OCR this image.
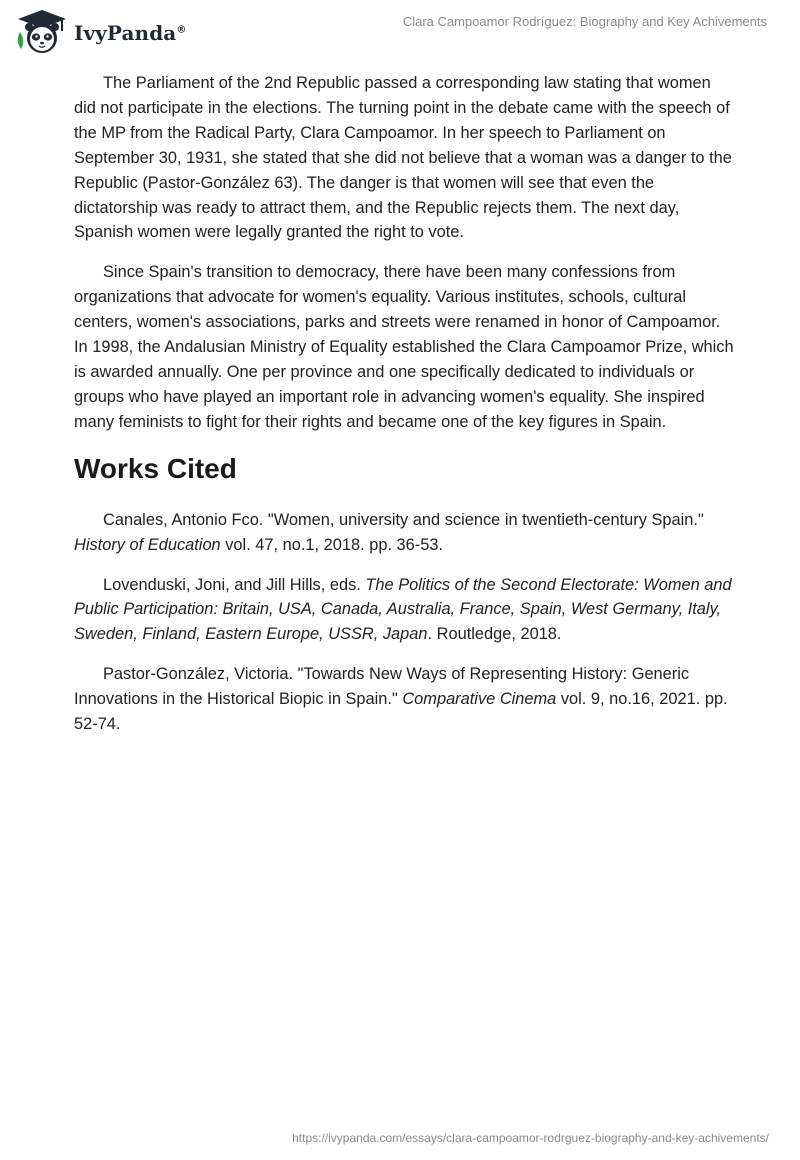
IvyPanda®
Clara Campoamor Rodríguez: Biography and Key Achivements

The Parliament of the 2nd Republic passed a corresponding law stating that women did not participate in the elections. The turning point in the debate came with the speech of the MP from the Radical Party, Clara Campoamor. In her speech to Parliament on September 30, 1931, she stated that she did not believe that a woman was a danger to the Republic (Pastor-González 63). The danger is that women will see that even the dictatorship was ready to attract them, and the Republic rejects them. The next day, Spanish women were legally granted the right to vote.

Since Spain's transition to democracy, there have been many confessions from organizations that advocate for women's equality. Various institutes, schools, cultural centers, women's associations, parks and streets were renamed in honor of Campoamor. In 1998, the Andalusian Ministry of Equality established the Clara Campoamor Prize, which is awarded annually. One per province and one specifically dedicated to individuals or groups who have played an important role in advancing women's equality. She inspired many feminists to fight for their rights and became one of the key figures in Spain.

Works Cited

Canales, Antonio Fco. "Women, university and science in twentieth-century Spain." History of Education vol. 47, no.1, 2018. pp. 36-53.

Lovenduski, Joni, and Jill Hills, eds. The Politics of the Second Electorate: Women and Public Participation: Britain, USA, Canada, Australia, France, Spain, West Germany, Italy, Sweden, Finland, Eastern Europe, USSR, Japan. Routledge, 2018.

Pastor-González, Victoria. "Towards New Ways of Representing History: Generic Innovations in the Historical Biopic in Spain." Comparative Cinema vol. 9, no.16, 2021. pp. 52-74.

https://ivypanda.com/essays/clara-campoamor-rodrguez-biography-and-key-achivements/
